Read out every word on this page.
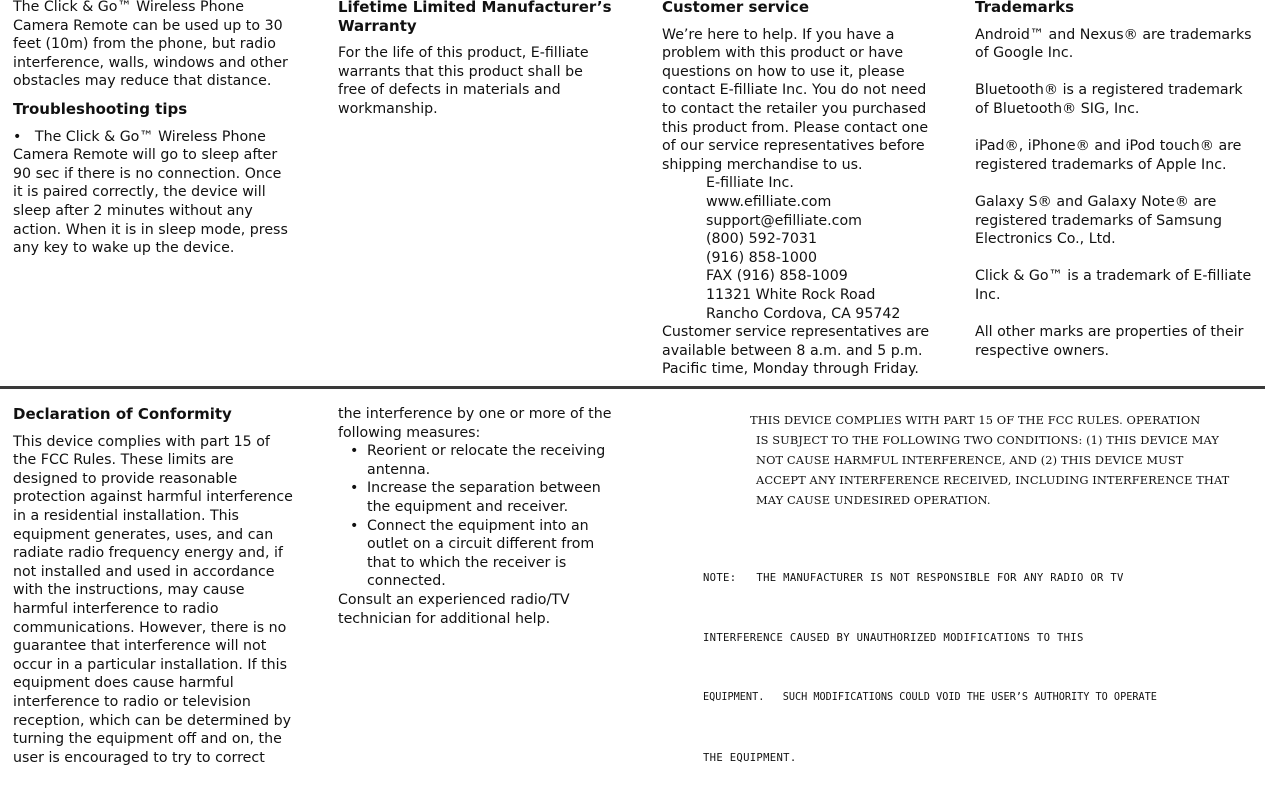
The Click & Go™ Wireless Phone Camera Remote can be used up to 30 feet (10m) from the phone, but radio interference, walls, windows and other obstacles may reduce that distance.

Troubleshooting tips

•   The Click & Go™ Wireless Phone Camera Remote will go to sleep after 90 sec if there is no connection. Once it is paired correctly, the device will sleep after 2 minutes without any action. When it is in sleep mode, press any key to wake up the device.

Lifetime Limited Manufacturer’s Warranty

For the life of this product, E-filliate warrants that this product shall be free of defects in materials and workmanship.

Customer service

We’re here to help. If you have a problem with this product or have questions on how to use it, please contact E-filliate Inc. You do not need to contact the retailer you purchased this product from. Please contact one of our service representatives before shipping merchandise to us.

E-filliate Inc.

www.efilliate.com

support@efilliate.com

(800) 592-7031

(916) 858-1000

FAX (916) 858-1009

11321 White Rock Road

Rancho Cordova, CA 95742

Customer service representatives are available between 8 a.m. and 5 p.m. Pacific time, Monday through Friday.

Trademarks

Android™ and Nexus® are trademarks of Google Inc.

Bluetooth® is a registered trademark of Bluetooth® SIG, Inc.

iPad®, iPhone® and iPod touch® are registered trademarks of Apple Inc.

Galaxy S® and Galaxy Note® are registered trademarks of Samsung Electronics Co., Ltd.

Click & Go™ is a trademark of E-filliate Inc.

All other marks are properties of their respective owners.

Declaration of Conformity

This device complies with part 15 of the FCC Rules. These limits are designed to provide reasonable protection against harmful interference in a residential installation. This equipment generates, uses, and can radiate radio frequency energy and, if not installed and used in accordance with the instructions, may cause harmful interference to radio communications. However, there is no guarantee that interference will not occur in a particular installation. If this equipment does cause harmful interference to radio or television reception, which can be determined by turning the equipment off and on, the user is encouraged to try to correct

the interference by one or more of the following measures:

• Reorient or relocate the receiving antenna.
• Increase the separation between the equipment and receiver.
• Connect the equipment into an outlet on a circuit different from that to which the receiver is connected.

Consult an experienced radio/TV technician for additional help.

THIS DEVICE COMPLIES WITH PART 15 OF THE FCC RULES. OPERATION
IS SUBJECT TO THE FOLLOWING TWO CONDITIONS: (1) THIS DEVICE MAY
NOT CAUSE HARMFUL INTERFERENCE, AND (2) THIS DEVICE MUST
ACCEPT ANY INTERFERENCE RECEIVED, INCLUDING INTERFERENCE THAT
MAY CAUSE UNDESIRED OPERATION.

NOTE:   THE MANUFACTURER IS NOT RESPONSIBLE FOR ANY RADIO OR TV

INTERFERENCE CAUSED BY UNAUTHORIZED MODIFICATIONS TO THIS

EQUIPMENT.   SUCH MODIFICATIONS COULD VOID THE USER’S AUTHORITY TO OPERATE

THE EQUIPMENT.
